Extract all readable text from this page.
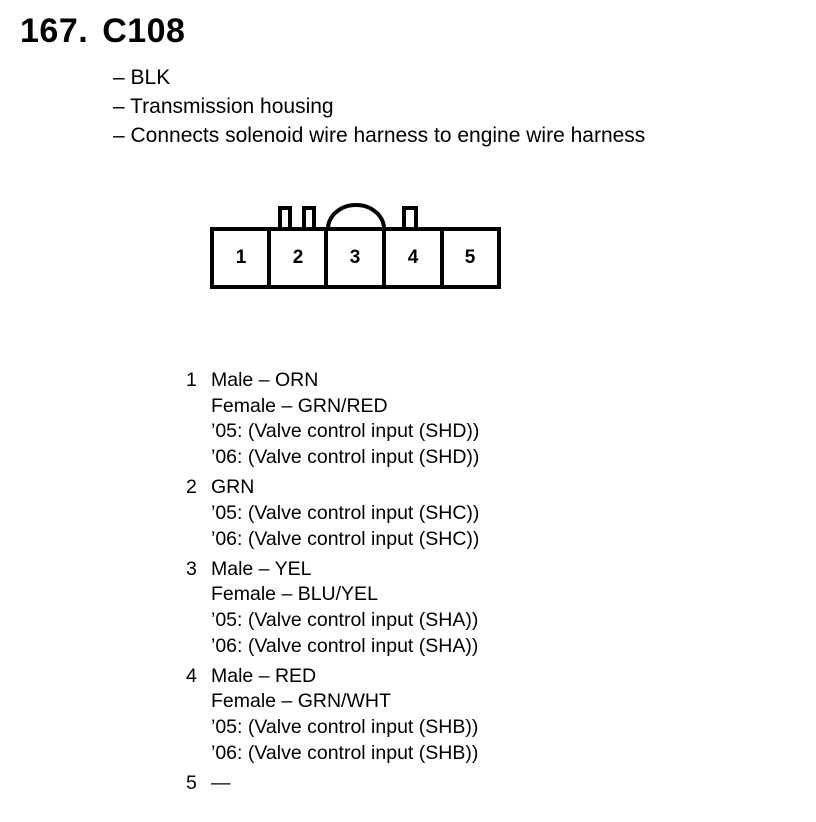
167. C108
– BLK
– Transmission housing
– Connects solenoid wire harness to engine wire harness
1 2 3 4 5
1 Male – ORN
Female – GRN/RED
’05: (Valve control input (SHD))
’06: (Valve control input (SHD))
2 GRN
’05: (Valve control input (SHC))
’06: (Valve control input (SHC))
3 Male – YEL
Female – BLU/YEL
’05: (Valve control input (SHA))
’06: (Valve control input (SHA))
4 Male – RED
Female – GRN/WHT
’05: (Valve control input (SHB))
’06: (Valve control input (SHB))
5 —
